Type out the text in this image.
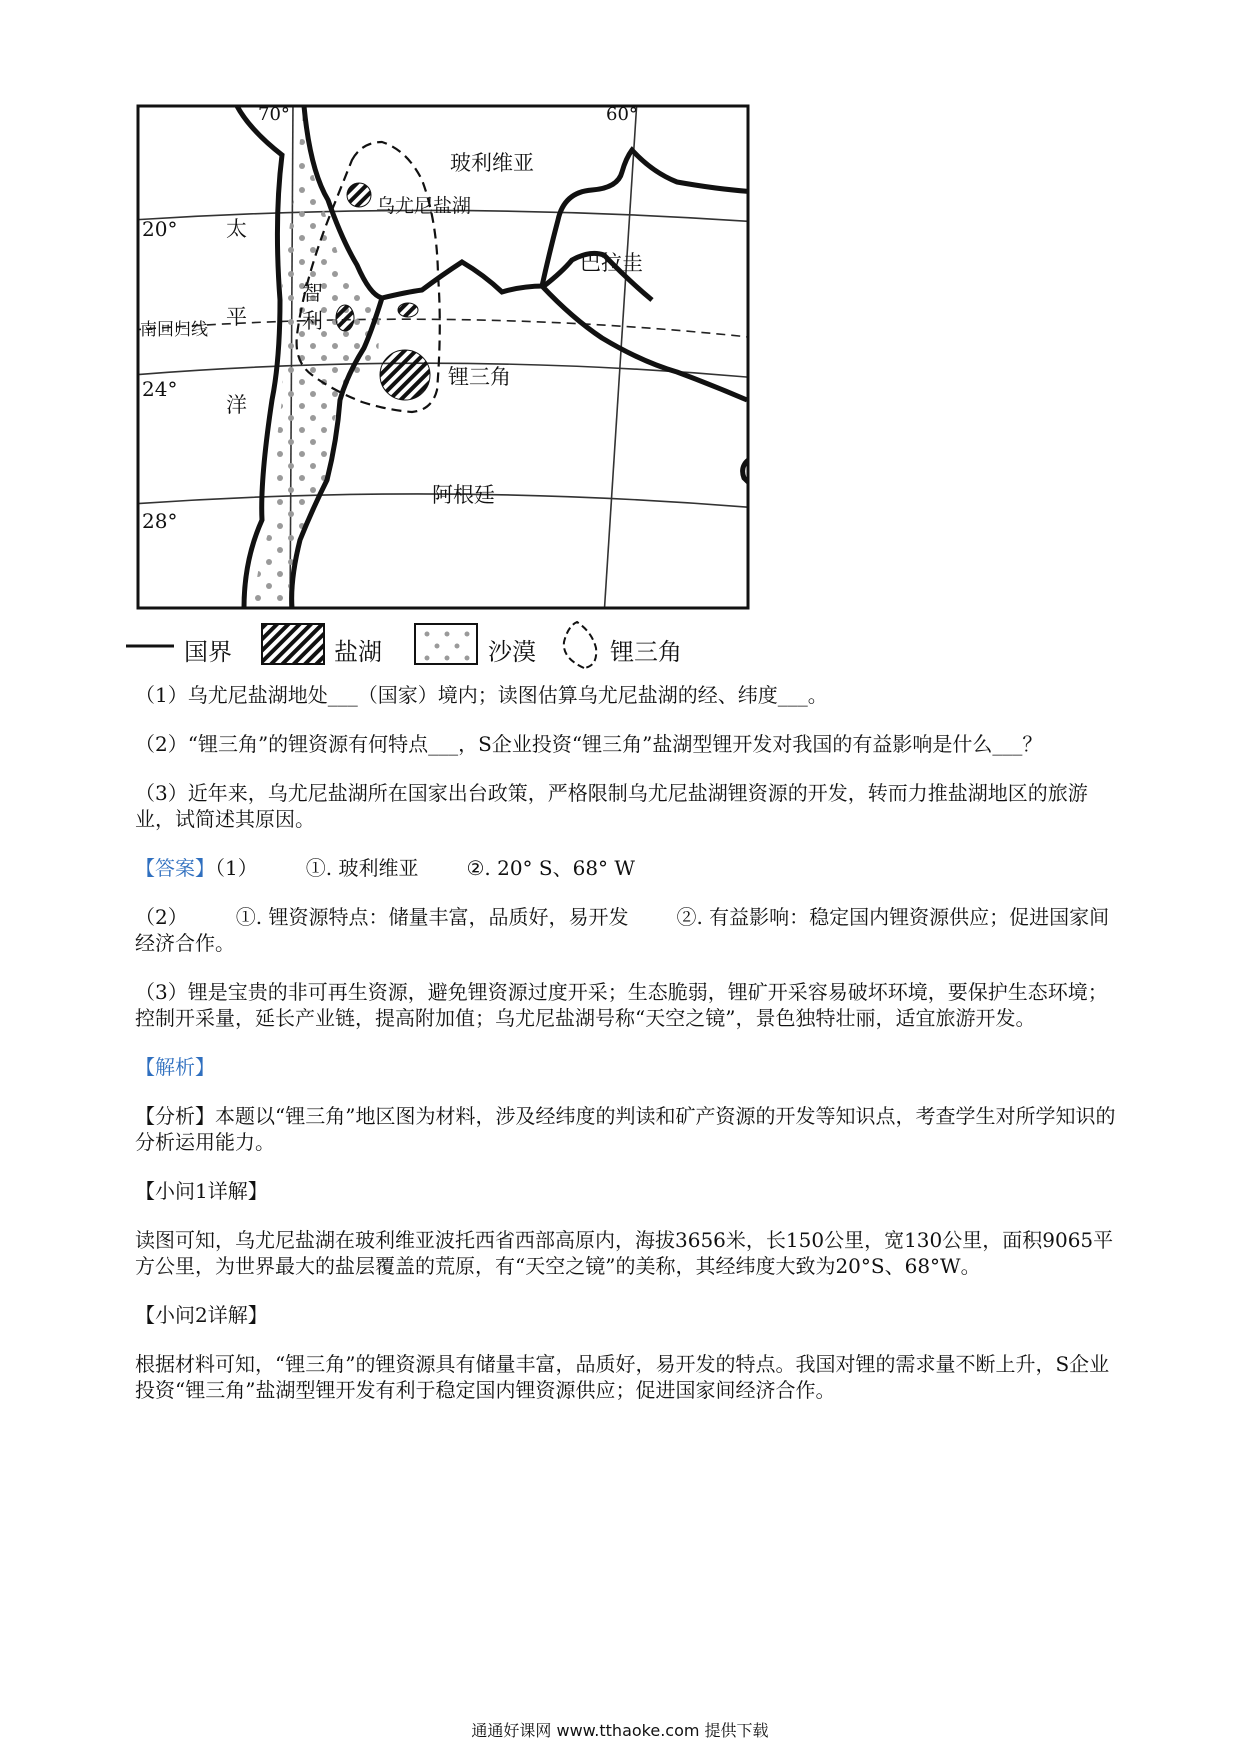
70°	60°
20°
24°
28°
南回归线
太
平
洋
玻利维亚
乌尤尼盐湖
巴拉圭
智
利
锂三角
阿根廷
国界	盐湖	沙漠	锂三角

（1）乌尤尼盐湖地处___（国家）境内；读图估算乌尤尼盐湖的经、纬度___。

（2）“锂三角”的锂资源有何特点___，S企业投资“锂三角”盐湖型锂开发对我国的有益影响是什么___？

（3）近年来，乌尤尼盐湖所在国家出台政策，严格限制乌尤尼盐湖锂资源的开发，转而力推盐湖地区的旅游业，试简述其原因。

【答案】（1） ①. 玻利维亚 ②. 20° S、68° W

（2） ①. 锂资源特点：储量丰富，品质好，易开发 ②. 有益影响：稳定国内锂资源供应；促进国家间经济合作。

（3）锂是宝贵的非可再生资源，避免锂资源过度开采；生态脆弱，锂矿开采容易破坏环境，要保护生态环境；控制开采量，延长产业链，提高附加值；乌尤尼盐湖号称“天空之镜”，景色独特壮丽，适宜旅游开发。

【解析】

【分析】本题以“锂三角”地区图为材料，涉及经纬度的判读和矿产资源的开发等知识点，考查学生对所学知识的分析运用能力。

【小问1详解】

读图可知，乌尤尼盐湖在玻利维亚波托西省西部高原内，海拔3656米，长150公里，宽130公里，面积9065平方公里，为世界最大的盐层覆盖的荒原，有“天空之镜”的美称，其经纬度大致为20°S、68°W。

【小问2详解】

根据材料可知，“锂三角”的锂资源具有储量丰富，品质好，易开发的特点。我国对锂的需求量不断上升，S企业投资“锂三角”盐湖型锂开发有利于稳定国内锂资源供应；促进国家间经济合作。

通通好课网 www.tthaoke.com 提供下载
